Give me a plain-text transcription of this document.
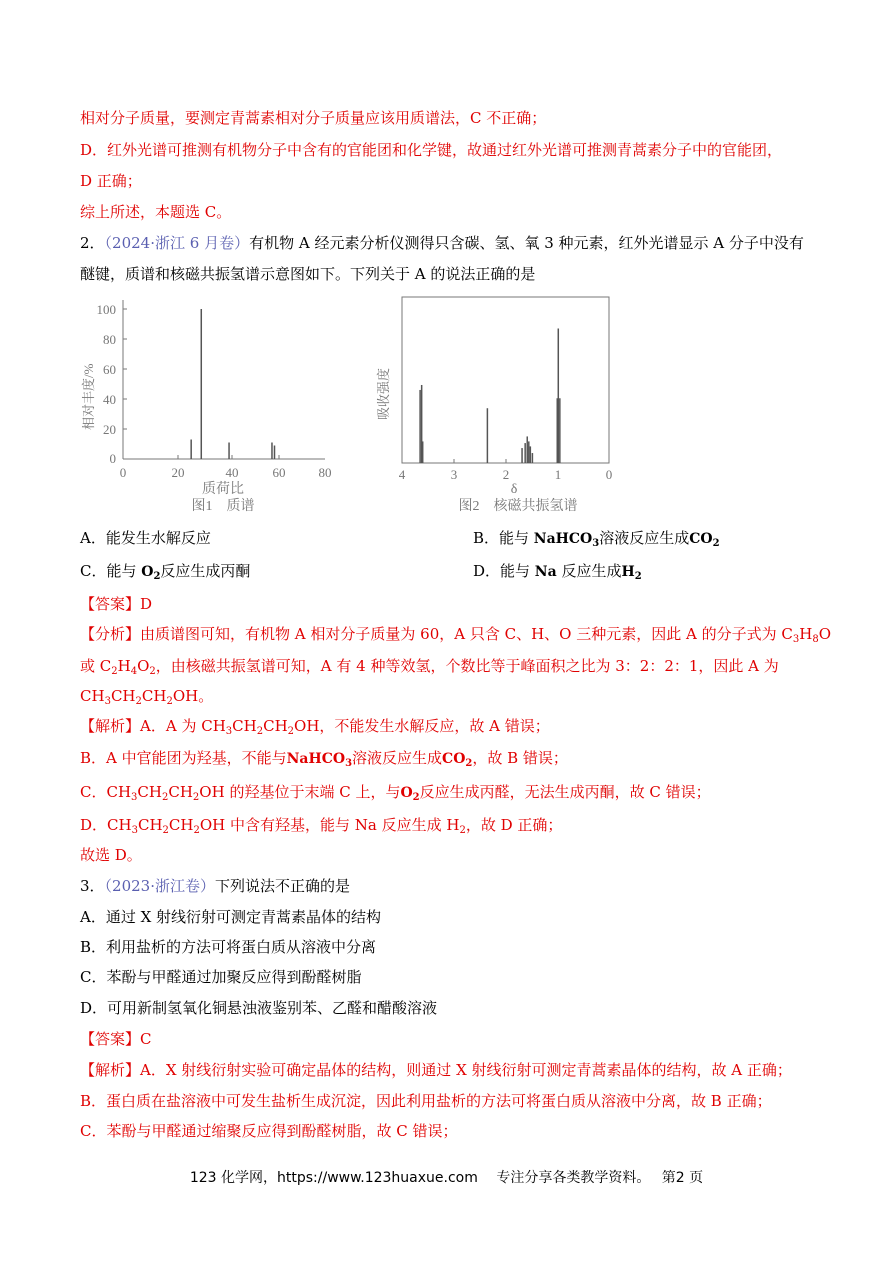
相对分子质量，要测定青蒿素相对分子质量应该用质谱法，C 不正确；
D．红外光谱可推测有机物分子中含有的官能团和化学键，故通过红外光谱可推测青蒿素分子中的官能团，
D 正确；
综上所述，本题选 C。
2．（2024·浙江 6 月卷）有机物 A 经元素分析仪测得只含碳、氢、氧 3 种元素，红外光谱显示 A 分子中没有
醚键，质谱和核磁共振氢谱示意图如下。下列关于 A 的说法正确的是
100
80
60
40
20
0
0	20	40	60	80
相对丰度/%
质荷比
图1　质谱
4	3	2	1	0
吸收强度
δ
图2　核磁共振氢谱
A．能发生水解反应	B．能与 NaHCO$_3$溶液反应生成$CO_2$
C．能与 $O_2$反应生成丙酮	D．能与 Na 反应生成$H_2$
【答案】D
【分析】由质谱图可知，有机物 A 相对分子质量为 60，A 只含 C、H、O 三种元素，因此 A 的分子式为 $C_3H_8O$
或 $C_2H_4O_2$，由核磁共振氢谱可知，A 有 4 种等效氢，个数比等于峰面积之比为 3：2：2：1，因此 A 为
$CH_3CH_2CH_2OH$。
【解析】A．A 为 $CH_3CH_2CH_2OH$，不能发生水解反应，故 A 错误；
B．A 中官能团为羟基，不能与NaHCO$_3$溶液反应生成$CO_2$，故 B 错误；
C．$CH_3CH_2CH_2OH$ 的羟基位于末端 C 上，与$O_2$反应生成丙醛，无法生成丙酮，故 C 错误；
D．$CH_3CH_2CH_2OH$ 中含有羟基，能与 Na 反应生成 $H_2$，故 D 正确；
故选 D。
3．（2023·浙江卷）下列说法不正确的是
A．通过 X 射线衍射可测定青蒿素晶体的结构
B．利用盐析的方法可将蛋白质从溶液中分离
C．苯酚与甲醛通过加聚反应得到酚醛树脂
D．可用新制氢氧化铜悬浊液鉴别苯、乙醛和醋酸溶液
【答案】C
【解析】A．X 射线衍射实验可确定晶体的结构，则通过 X 射线衍射可测定青蒿素晶体的结构，故 A 正确；
B．蛋白质在盐溶液中可发生盐析生成沉淀，因此利用盐析的方法可将蛋白质从溶液中分离，故 B 正确；
C．苯酚与甲醛通过缩聚反应得到酚醛树脂，故 C 错误；
123 化学网，https://www.123huaxue.com　 专注分享各类教学资料。　 第2 页
